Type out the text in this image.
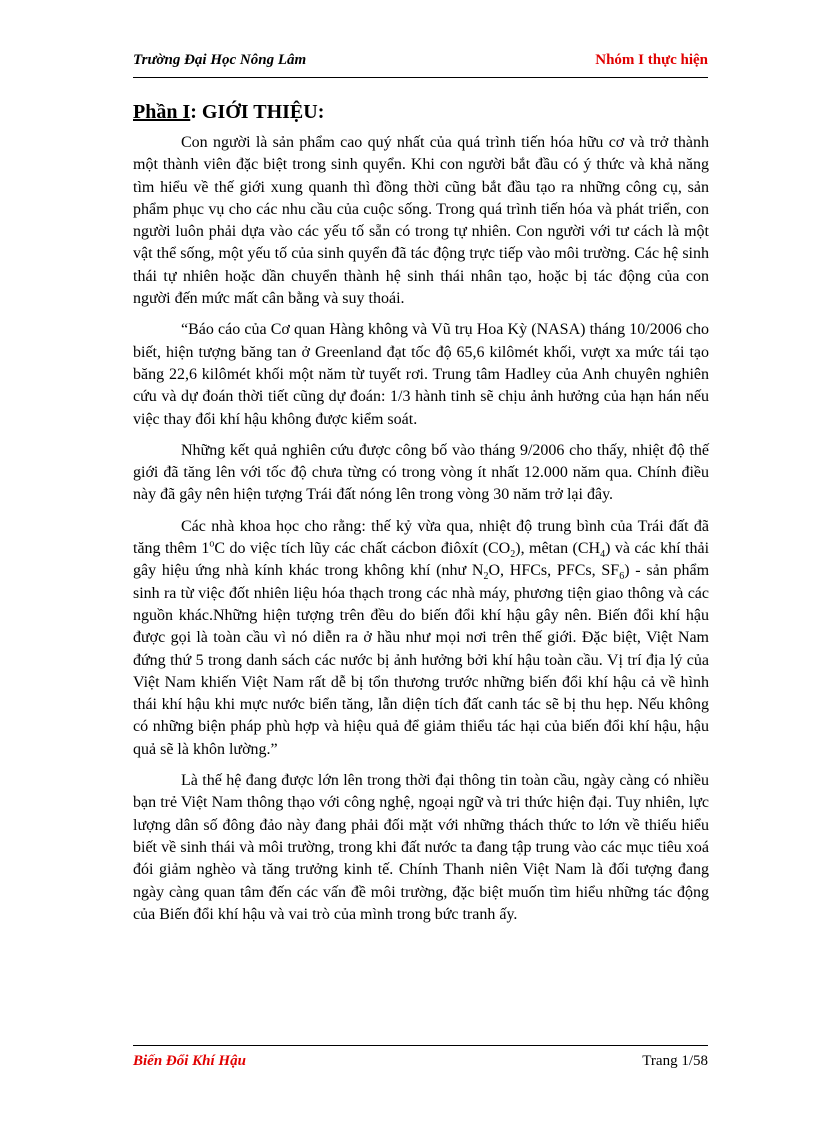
Trường Đại Học Nông Lâm	Nhóm I thực hiện
Phần I: GIỚI THIỆU:

Con người là sản phẩm cao quý nhất của quá trình tiến hóa hữu cơ và trở thành một thành viên đặc biệt trong sinh quyển. Khi con người bắt đầu có ý thức và khả năng tìm hiểu về thế giới xung quanh thì đồng thời cũng bắt đầu tạo ra những công cụ, sản phẩm phục vụ cho các nhu cầu của cuộc sống. Trong quá trình tiến hóa và phát triển, con người luôn phải dựa vào các yếu tố sẵn có trong tự nhiên. Con người với tư cách là một vật thể sống, một yếu tố của sinh quyển đã tác động trực tiếp vào môi trường. Các hệ sinh thái tự nhiên hoặc dần chuyển thành hệ sinh thái nhân tạo, hoặc bị tác động của con người đến mức mất cân bằng và suy thoái.

“Báo cáo của Cơ quan Hàng không và Vũ trụ Hoa Kỳ (NASA) tháng 10/2006 cho biết, hiện tượng băng tan ở Greenland đạt tốc độ 65,6 kilômét khối, vượt xa mức tái tạo băng 22,6 kilômét khối một năm từ tuyết rơi. Trung tâm Hadley của Anh chuyên nghiên cứu và dự đoán thời tiết cũng dự đoán: 1/3 hành tinh sẽ chịu ảnh hưởng của hạn hán nếu việc thay đổi khí hậu không được kiểm soát.

Những kết quả nghiên cứu được công bố vào tháng 9/2006 cho thấy, nhiệt độ thế giới đã tăng lên với tốc độ chưa từng có trong vòng ít nhất 12.000 năm qua. Chính điều này đã gây nên hiện tượng Trái đất nóng lên trong vòng 30 năm trở lại đây.

Các nhà khoa học cho rằng: thế kỷ vừa qua, nhiệt độ trung bình của Trái đất đã tăng thêm 1$^o$C do việc tích lũy các chất cácbon điôxít $(CO_2)$, mêtan $(CH_4)$ và các khí thải gây hiệu ứng nhà kính khác trong không khí (như $N_2O$, HFCs, PFCs, $SF_6$) - sản phẩm sinh ra từ việc đốt nhiên liệu hóa thạch trong các nhà máy, phương tiện giao thông và các nguồn khác.Những hiện tượng trên đều do biến đổi khí hậu gây nên. Biến đổi khí hậu được gọi là toàn cầu vì nó diễn ra ở hầu như mọi nơi trên thế giới. Đặc biệt, Việt Nam đứng thứ 5 trong danh sách các nước bị ảnh hưởng bởi khí hậu toàn cầu. Vị trí địa lý của Việt Nam khiến Việt Nam rất dễ bị tổn thương trước những biến đổi khí hậu cả về hình thái khí hậu khi mực nước biển tăng, lẫn diện tích đất canh tác sẽ bị thu hẹp. Nếu không có những biện pháp phù hợp và hiệu quả để giảm thiểu tác hại của biến đổi khí hậu, hậu quả sẽ là khôn lường.”

Là thế hệ đang được lớn lên trong thời đại thông tin toàn cầu, ngày càng có nhiều bạn trẻ Việt Nam thông thạo với công nghệ, ngoại ngữ và tri thức hiện đại. Tuy nhiên, lực lượng dân số đông đảo này đang phải đối mặt với những thách thức to lớn về thiếu hiểu biết về sinh thái và môi trường, trong khi đất nước ta đang tập trung vào các mục tiêu xoá đói giảm nghèo và tăng trưởng kinh tế. Chính Thanh niên Việt Nam là đối tượng đang ngày càng quan tâm đến các vấn đề môi trường, đặc biệt muốn tìm hiểu những tác động của Biến đổi khí hậu và vai trò của mình trong bức tranh ấy.

Biến Đổi Khí Hậu	Trang 1/58
